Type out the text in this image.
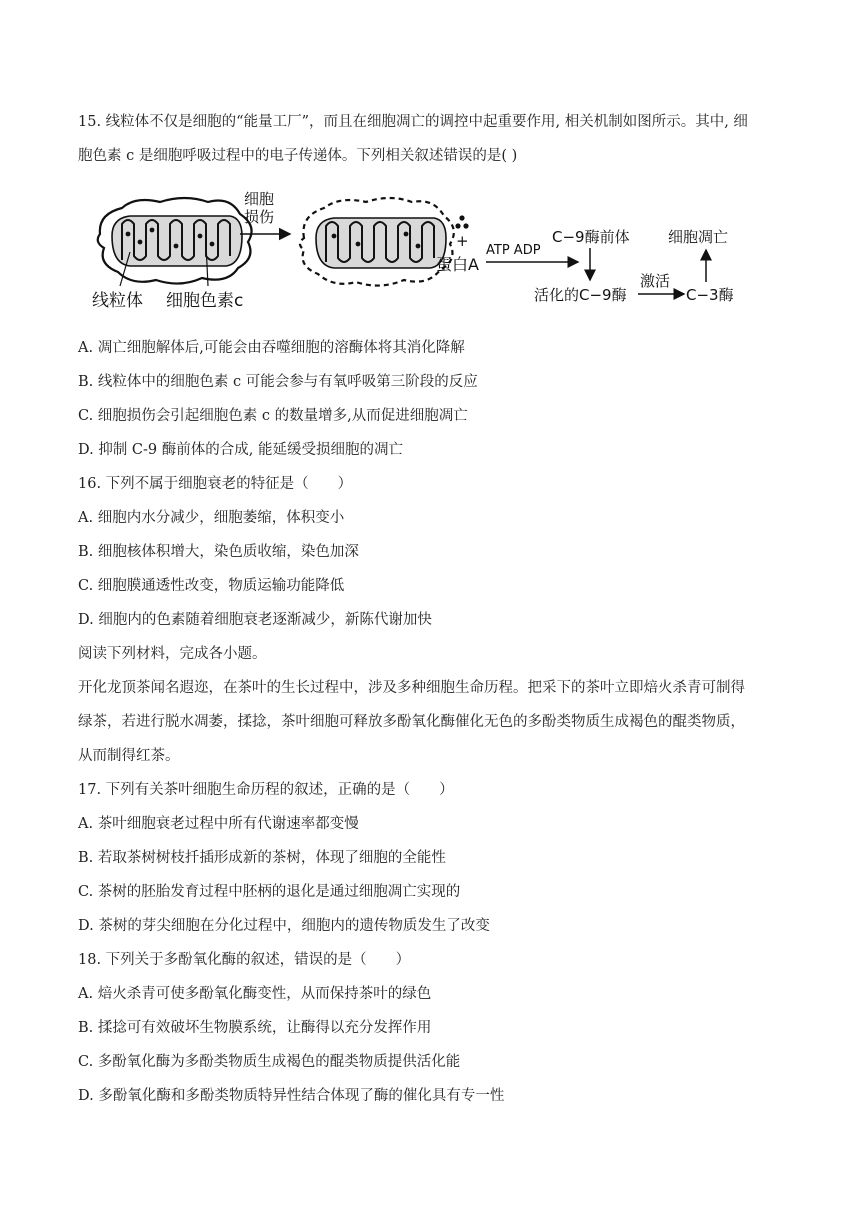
15. 线粒体不仅是细胞的“能量工厂”，而且在细胞凋亡的调控中起重要作用, 相关机制如图所示。其中, 细
胞色素 c 是细胞呼吸过程中的电子传递体。下列相关叙述错误的是( )
线粒体 细胞色素c
细胞
损伤
+
蛋白A
ATP ADP
C−9酶前体
活化的C−9酶
激活
C−3酶
细胞凋亡
A. 凋亡细胞解体后,可能会由吞噬细胞的溶酶体将其消化降解
B. 线粒体中的细胞色素 c 可能会参与有氧呼吸第三阶段的反应
C. 细胞损伤会引起细胞色素 c 的数量增多,从而促进细胞凋亡
D. 抑制 C-9 酶前体的合成, 能延缓受损细胞的凋亡
16. 下列不属于细胞衰老的特征是（　　）
A. 细胞内水分减少，细胞萎缩，体积变小
B. 细胞核体积增大，染色质收缩，染色加深
C. 细胞膜通透性改变，物质运输功能降低
D. 细胞内的色素随着细胞衰老逐渐减少，新陈代谢加快
阅读下列材料，完成各小题。
开化龙顶茶闻名遐迩，在茶叶的生长过程中，涉及多种细胞生命历程。把采下的茶叶立即焙火杀青可制得
绿茶，若进行脱水凋萎，揉捻，茶叶细胞可释放多酚氧化酶催化无色的多酚类物质生成褐色的醌类物质，
从而制得红茶。
17. 下列有关茶叶细胞生命历程的叙述，正确的是（　　）
A. 茶叶细胞衰老过程中所有代谢速率都变慢
B. 若取茶树树枝扦插形成新的茶树，体现了细胞的全能性
C. 茶树的胚胎发育过程中胚柄的退化是通过细胞凋亡实现的
D. 茶树的芽尖细胞在分化过程中，细胞内的遗传物质发生了改变
18. 下列关于多酚氧化酶的叙述，错误的是（　　）
A. 焙火杀青可使多酚氧化酶变性，从而保持茶叶的绿色
B. 揉捻可有效破坏生物膜系统，让酶得以充分发挥作用
C. 多酚氧化酶为多酚类物质生成褐色的醌类物质提供活化能
D. 多酚氧化酶和多酚类物质特异性结合体现了酶的催化具有专一性
